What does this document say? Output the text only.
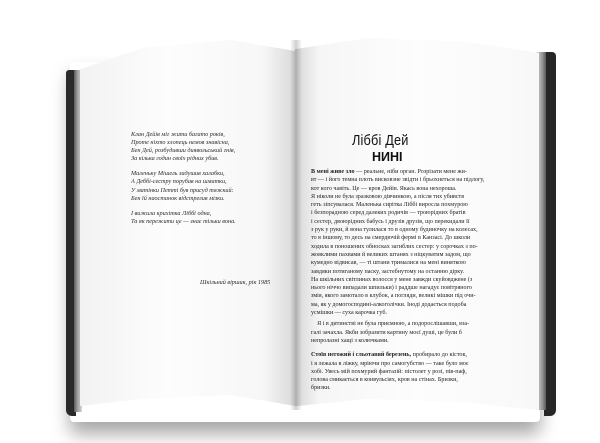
Клан Дейів міг жити багато років,
Проте ніхто хлопець немов знавісна,
Бен Дей, розбудивши диявольський гнів,
За кілька годин своїх рідних убив.
Маленьку Мішель задушив халабки,
А Деббі-сестру порубав на шматки,
У матінки Петті був присуд тяжкий:
Бен їй наостанок відстрелив мізки.
І вижила крихітка Ліббі одна,
Та як пережити це — знає тільки вона.
Шкільний віршик, рік 1985
Ліббі Дей
НИНІ
В мені живе зло — реальне, ніби орган. Розрізати мене жи-
вт — і його темна плоть висковзне звідти і брьохнеться на підлогу,
кот кого чавіть. Це — кров Дейів. Якась вона нехороша.
Я ніколи не була зразковою дівчинкою, а після тих убивств
геть зіпсувалася. Маленька сирітка Ліббі виросла похмурою
і безпорадною серед далеких родичів — троюрідних братів
і сестер, двоюрідних бабусь і друзів друзів, що перекидали її
з рук у руки, й вона тулилася то в одному будиночку на колесах,
то в іншому, то десь на смердючій фермі в Канзасі. До школи
ходила в поношених обносках загиблих сестер: у сорочках з по-
жовклими пахвами й великих штанях з ніцкуватим задом, що
кумедно відвисав, — ті штани трималися на мені виняткою
завдяки потиганому паску, застебнутому на останню дірку.
На шкільних світлинах волосся у мене завжди скуйовджене (з
нього ніччо випадали шпильки) і раддше нагадує повітряного
змія, якого замотало в клубок, а погляди, великі мішки під очи-
ма, як у домогосподині-алкоголічки. Іноді додається подоба
усмішки — суха карочка губ.
 Я і в дитинстві не була приємною, а подорослішавши, вза-
галі зачахла. Якби зобразити картину моєї душі, це були б
непролазні хащі з колючками.
Стоїв негожий і сльотавий березень, пробирало до кісток,
і я лежала в ліжку, мріючи про самогубство — таке було моє
хобі. Увесь мій похмурий фантазій: пістолет у розі, пів-паф,
голова смикається в конвульсіях, кров на стінах. Бризки,
бризки.
